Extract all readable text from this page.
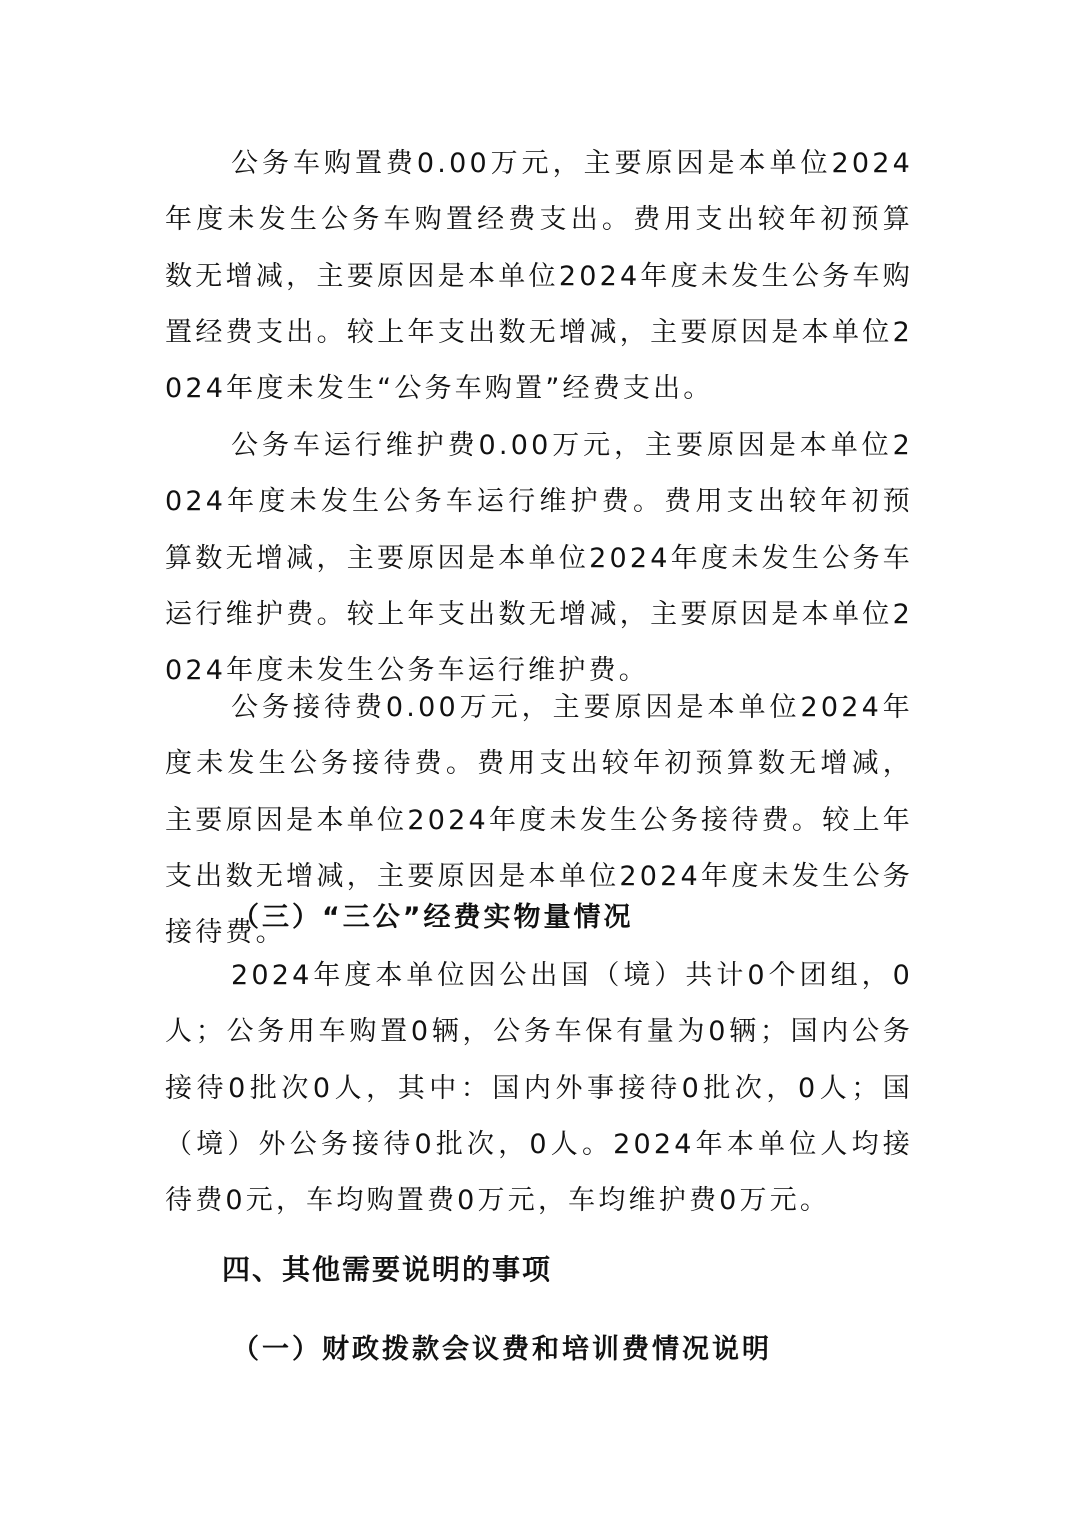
公务车购置费0.00万元，主要原因是本单位2024年度未发生公务车购置经费支出。费用支出较年初预算数无增减，主要原因是本单位2024年度未发生公务车购置经费支出。较上年支出数无增减，主要原因是本单位2024年度未发生“公务车购置”经费支出。

公务车运行维护费0.00万元，主要原因是本单位2024年度未发生公务车运行维护费。费用支出较年初预算数无增减，主要原因是本单位2024年度未发生公务车运行维护费。较上年支出数无增减，主要原因是本单位2024年度未发生公务车运行维护费。

公务接待费0.00万元，主要原因是本单位2024年度未发生公务接待费。费用支出较年初预算数无增减，主要原因是本单位2024年度未发生公务接待费。较上年支出数无增减，主要原因是本单位2024年度未发生公务接待费。

（三）“三公”经费实物量情况

2024年度本单位因公出国（境）共计0个团组，0人；公务用车购置0辆，公务车保有量为0辆；国内公务接待0批次0人，其中：国内外事接待0批次，0人；国（境）外公务接待0批次，0人。2024年本单位人均接待费0元，车均购置费0万元，车均维护费0万元。

四、其他需要说明的事项
（一）财政拨款会议费和培训费情况说明
